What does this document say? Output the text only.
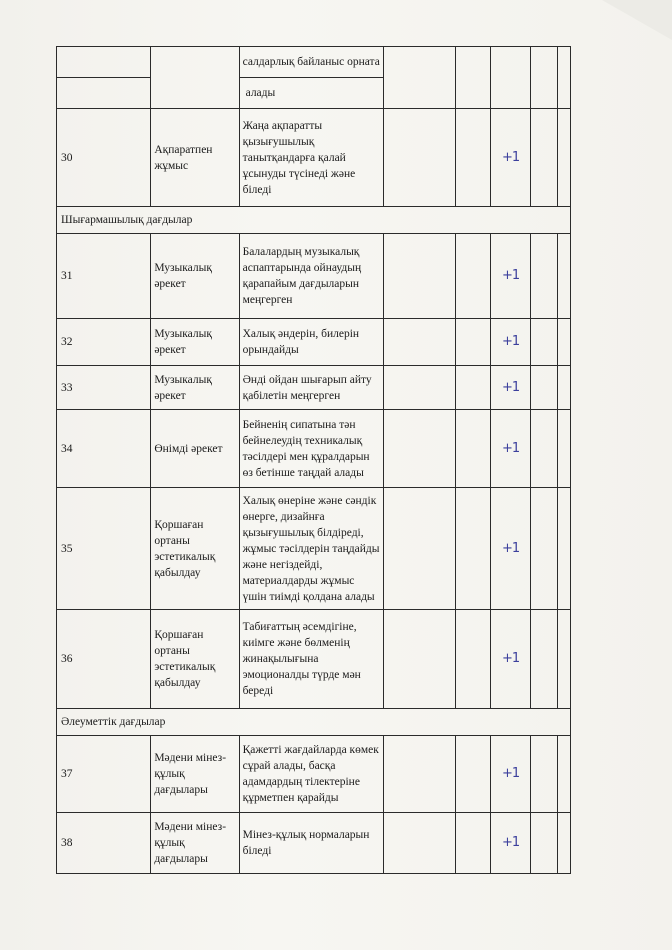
		салдарлық байланыс орната					
		алады					
30	Ақпаратпен жұмыс	Жаңа ақпаратты қызығушылық танытқандарға қалай ұсынуды түсінеді және біледі			+1		

Шығармашылық дағдылар							
31	Музыкалық әрекет	Балалардың музыкалық аспаптарында ойнаудың қарапайым дағдыларын меңгерген			+1		

32	Музыкалық әрекет	Халық әндерін, билерін орындайды			+1		

33	Музыкалық әрекет	Әнді ойдан шығарып айту қабілетін меңгерген			+1		

34	Өнімді әрекет	Бейненің сипатына тән бейнелеудің техникалық тәсілдері мен құралдарын өз бетінше таңдай алады			+1		

35	Қоршаған ортаны эстетикалық қабылдау	Халық өнеріне және сәндік өнерге, дизайнға қызығушылық білдіреді, жұмыс тәсілдерін таңдайды және негіздейді, материалдарды жұмыс үшін тиімді қолдана алады			+1		

36	Қоршаған ортаны эстетикалық қабылдау	Табиғаттың әсемдігіне, киімге және бөлменің жинақылығына эмоционалды түрде мән береді			+1		

Әлеуметтік дағдылар							
37	Мәдени мінез-құлық дағдылары	Қажетті жағдайларда көмек сұрай алады, басқа адамдардың тілектеріне құрметпен қарайды			+1		

38	Мәдени мінез-құлық дағдылары	Мінез-құлық нормаларын біледі			+1		
